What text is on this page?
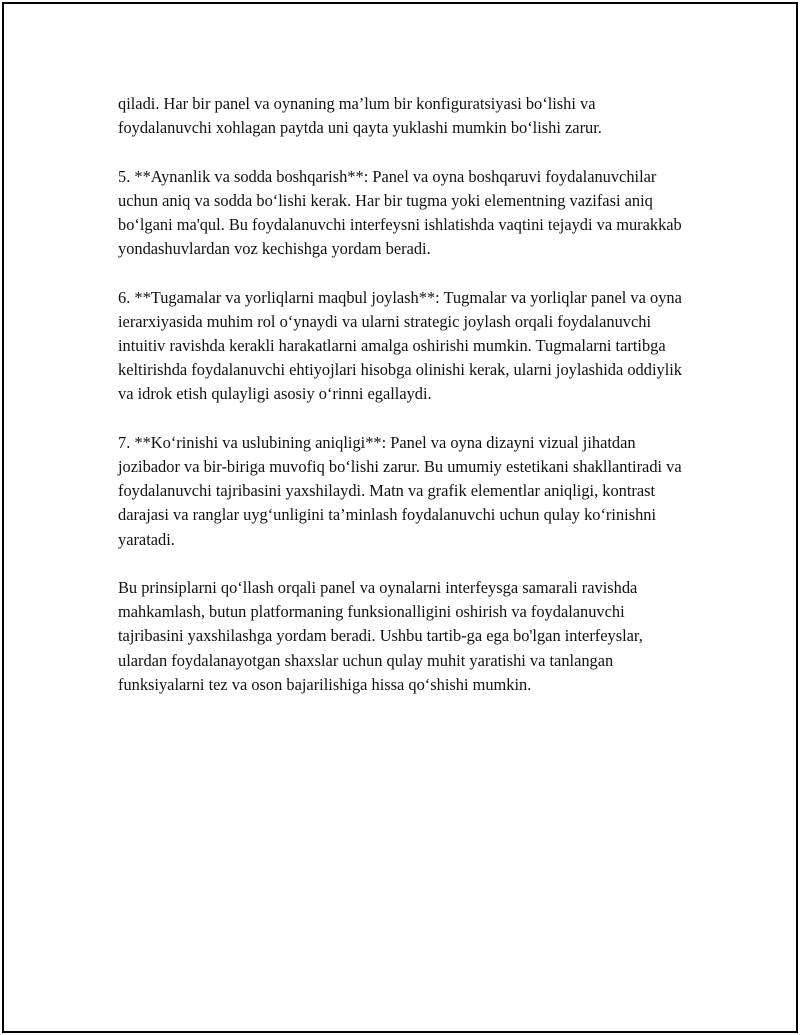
qiladi. Har bir panel va oynaning ma’lum bir konfiguratsiyasi bo‘lishi va foydalanuvchi xohlagan paytda uni qayta yuklashi mumkin bo‘lishi zarur.

5. **Aynanlik va sodda boshqarish**: Panel va oyna boshqaruvi foydalanuvchilar uchun aniq va sodda bo‘lishi kerak. Har bir tugma yoki elementning vazifasi aniq bo‘lgani ma'qul. Bu foydalanuvchi interfeysni ishlatishda vaqtini tejaydi va murakkab yondashuvlardan voz kechishga yordam beradi.

6. **Tugamalar va yorliqlarni maqbul joylash**: Tugmalar va yorliqlar panel va oyna ierarxiyasida muhim rol o‘ynaydi va ularni strategic joylash orqali foydalanuvchi intuitiv ravishda kerakli harakatlarni amalga oshirishi mumkin. Tugmalarni tartibga keltirishda foydalanuvchi ehtiyojlari hisobga olinishi kerak, ularni joylashida oddiylik va idrok etish qulayligi asosiy o‘rinni egallaydi.

7. **Ko‘rinishi va uslubining aniqligi**: Panel va oyna dizayni vizual jihatdan jozibador va bir-biriga muvofiq bo‘lishi zarur. Bu umumiy estetikani shakllantiradi va foydalanuvchi tajribasini yaxshilaydi. Matn va grafik elementlar aniqligi, kontrast darajasi va ranglar uyg‘unligini ta’minlash foydalanuvchi uchun qulay ko‘rinishni yaratadi.

Bu prinsiplarni qo‘llash orqali panel va oynalarni interfeysga samarali ravishda mahkamlash, butun platformaning funksionalligini oshirish va foydalanuvchi tajribasini yaxshilashga yordam beradi. Ushbu tartib-ga ega bo'lgan interfeyslar, ulardan foydalanayotgan shaxslar uchun qulay muhit yaratishi va tanlangan funksiyalarni tez va oson bajarilishiga hissa qo‘shishi mumkin.
